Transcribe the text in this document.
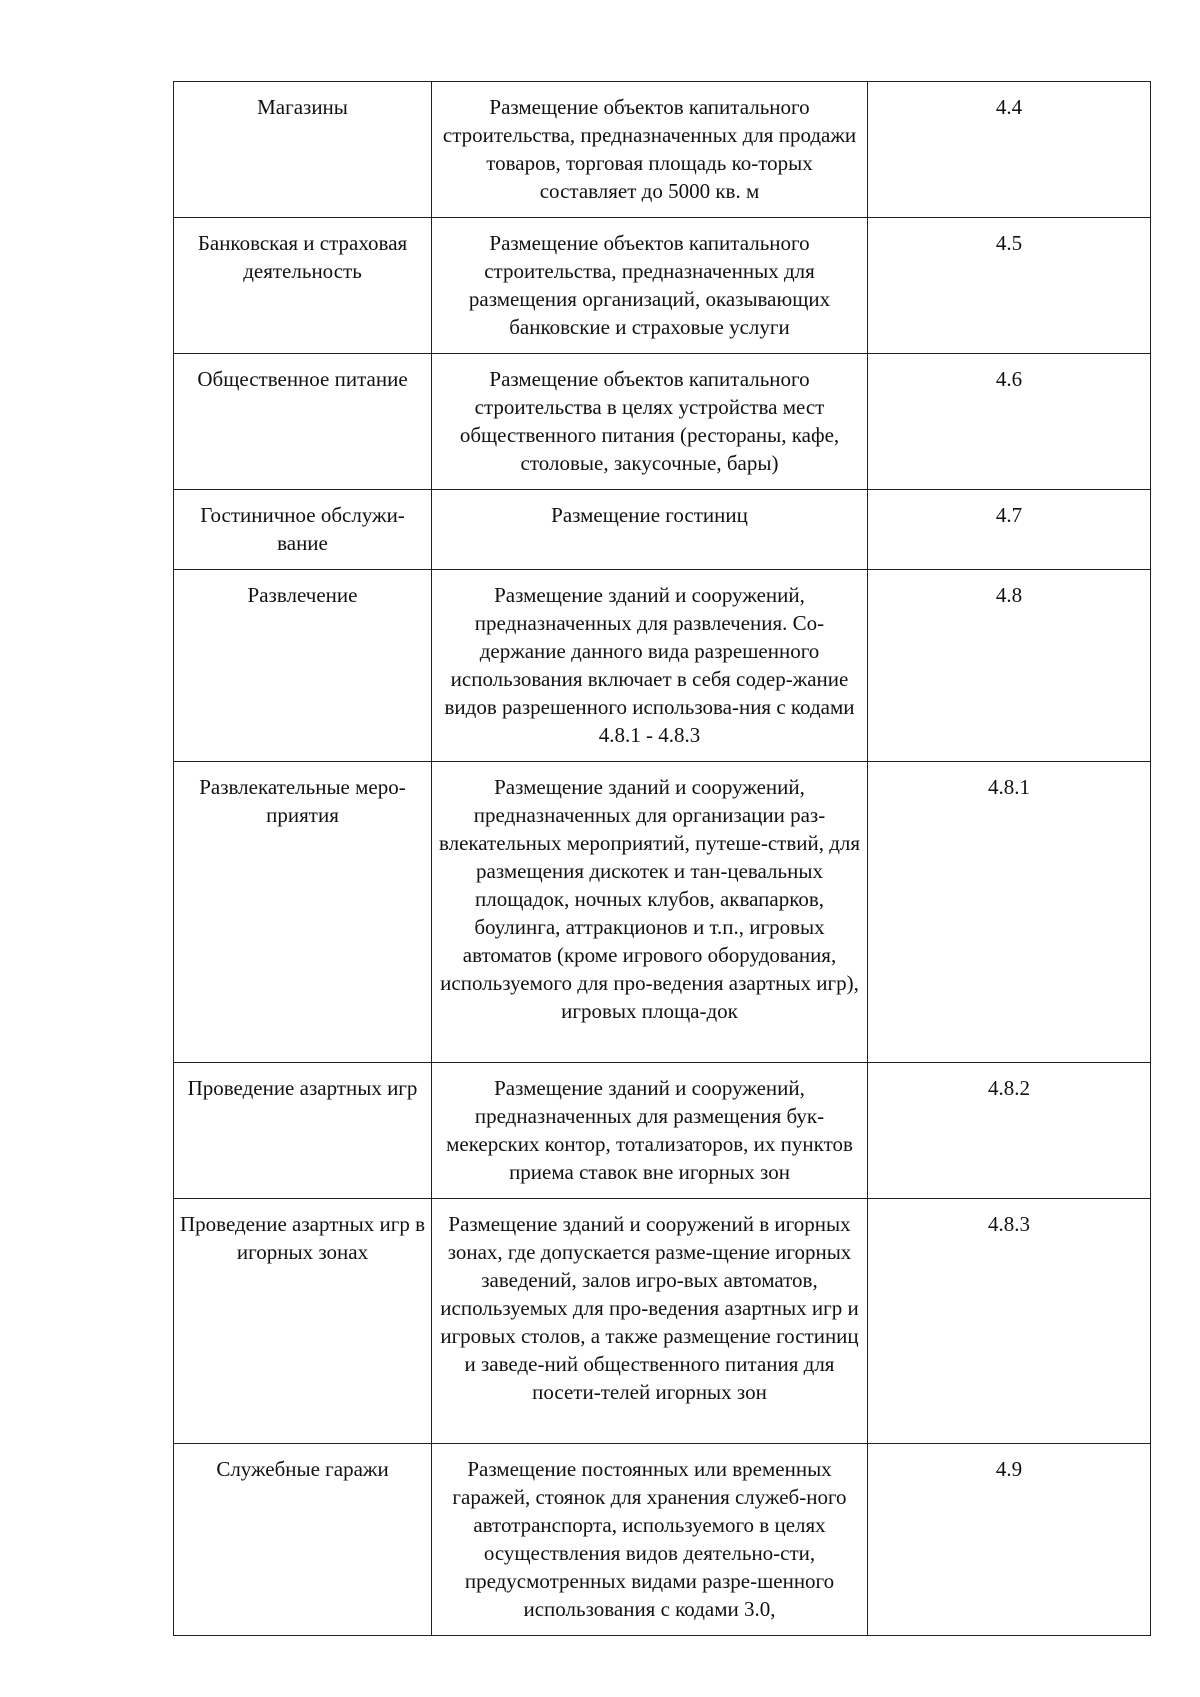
Магазины	Размещение объектов капитального строительства, предназначенных для продажи товаров, торговая площадь ко-торых составляет до 5000 кв. м	4.4

Банковская и страховая деятельность	Размещение объектов капитального строительства, предназначенных для размещения организаций, оказывающих банковские и страховые услуги	4.5

Общественное питание	Размещение объектов капитального строительства в целях устройства мест общественного питания (рестораны, кафе, столовые, закусочные, бары)	4.6

Гостиничное обслужи-вание	Размещение гостиниц	4.7

Развлечение	Размещение зданий и сооружений, предназначенных для развлечения. Со-держание данного вида разрешенного использования включает в себя содер-жание видов разрешенного использова-ния с кодами 4.8.1 - 4.8.3	4.8

Развлекательные меро-приятия	Размещение зданий и сооружений, предназначенных для организации раз-влекательных мероприятий, путеше-ствий, для размещения дискотек и тан-цевальных площадок, ночных клубов, аквапарков, боулинга, аттракционов и т.п., игровых автоматов (кроме игрового оборудования, используемого для про-ведения азартных игр), игровых площа-док	4.8.1

Проведение азартных игр	Размещение зданий и сооружений, предназначенных для размещения бук-мекерских контор, тотализаторов, их пунктов приема ставок вне игорных зон	4.8.2

Проведение азартных игр в игорных зонах	Размещение зданий и сооружений в игорных зонах, где допускается разме-щение игорных заведений, залов игро-вых автоматов, используемых для про-ведения азартных игр и игровых столов, а также размещение гостиниц и заведе-ний общественного питания для посети-телей игорных зон	4.8.3

Служебные гаражи	Размещение постоянных или временных гаражей, стоянок для хранения служеб-ного автотранспорта, используемого в целях осуществления видов деятельно-сти, предусмотренных видами разре-шенного использования с кодами 3.0,	4.9
